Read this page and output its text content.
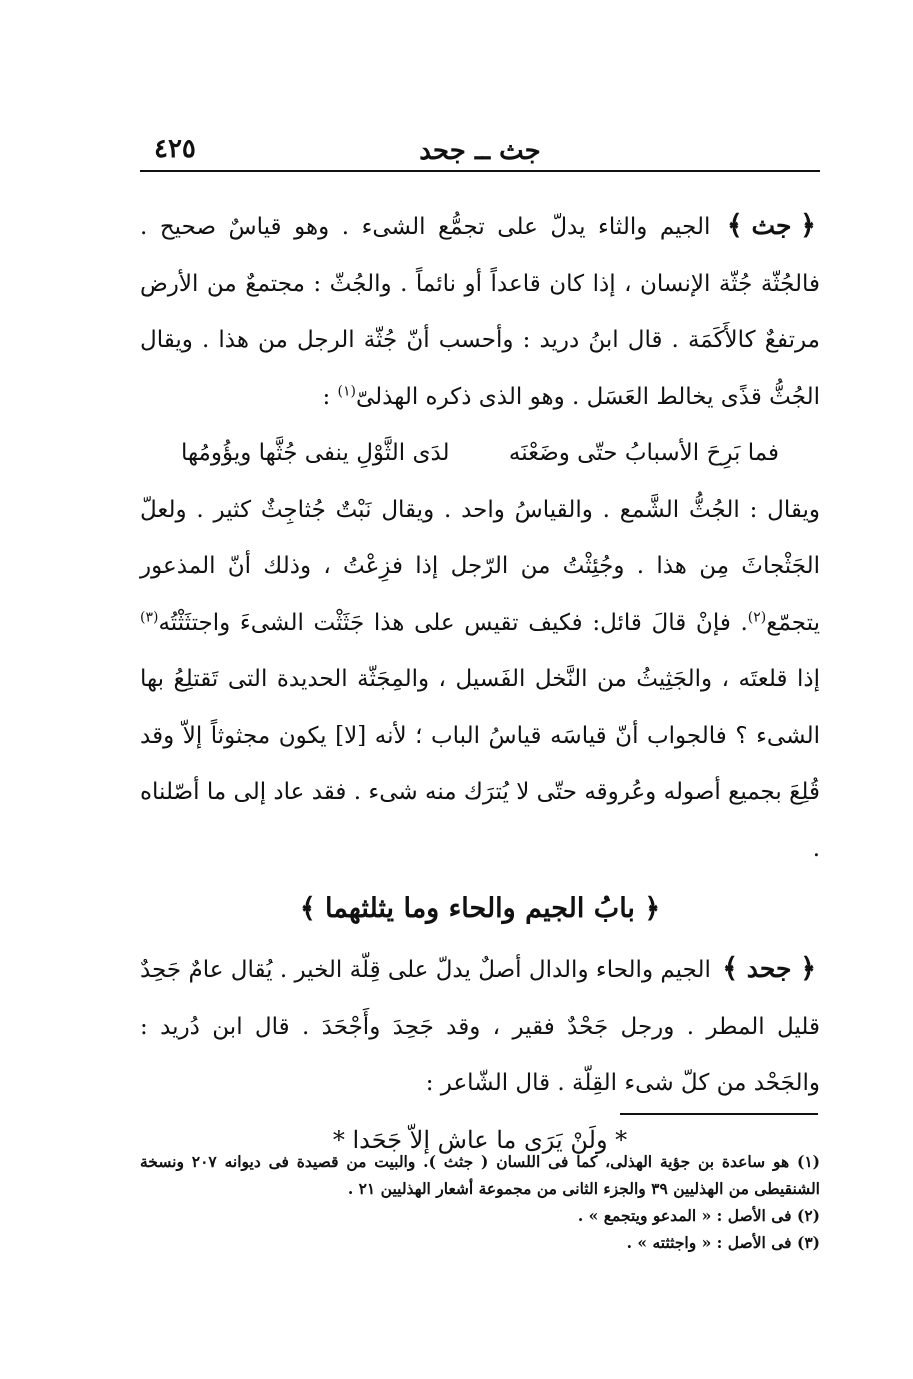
جث ــ جحد
٤٢٥

﴿ جث ﴾ الجيم والثاء يدلّ على تجمُّع الشىء . وهو قياسٌ صحيح . فالجُثّة جُثّة الإنسان ، إذا كان قاعداً أو نائماً . والجُثّ : مجتمعٌ من الأرض مرتفعٌ كالأَكَمَة . قال ابنُ دريد : وأحسب أنّ جُثّة الرجل من هذا . ويقال الجُثُّ قذًى يخالط العَسَل . وهو الذى ذكره الهذلىّ$^{(١)}$ :

فما بَرِحَ الأسبابُ حتّى وضَعْنَه لدَى الثَّوْلِ ينفى جُثَّها ويؤُومُها

ويقال : الجُثُّ الشَّمع . والقياسُ واحد . ويقال نَبْتٌ جُثاجِثٌ كثير . ولعلّ الجَثْجاثَ مِن هذا . وجُئِثْتُ من الرّجل إذا فزِعْتُ ، وذلك أنّ المذعور يتجمّع$^{(٢)}$. فإنْ قالَ قائل: فكيف تقيس على هذا جَثَثْت الشىءَ واجتثَثْتُه$^{(٣)}$ إذا قلعتَه ، والجَثِيثُ من النَّخل الفَسيل ، والمِجَثّة الحديدة التى تَقتلِعُ بها الشىء ؟ فالجواب أنّ قياسَه قياسُ الباب ؛ لأنه [لا] يكون مجثوثاً إلاّ وقد قُلِعَ بجميع أصوله وعُروقه حتّى لا يُترَك منه شىء . فقد عاد إلى ما أصّلناه .

﴿ بابُ الجيم والحاء وما يثلثهما ﴾

﴿ جحد ﴾ الجيم والحاء والدال أصلٌ يدلّ على قِلّة الخير . يُقال عامٌ جَحِدٌ قليل المطر . ورجل جَحْدٌ فقير ، وقد جَحِدَ وأَجْحَدَ . قال ابن دُريد : والجَحْد من كلّ شىء القِلّة . قال الشّاعر :

* ولَنْ يَرَى ما عاش إلاّ جَحَدا *

(١) هو ساعدة بن جؤية الهذلى، كما فى اللسان ( جثث ). والبيت من قصيدة فى ديوانه ٢٠٧ ونسخة الشنقيطى من الهذليين ٣٩ والجزء الثانى من مجموعة أشعار الهذليين ٢١ .

(٢) فى الأصل : « المدعو ويتجمع » .

(٣) فى الأصل : « واجثثته » .
